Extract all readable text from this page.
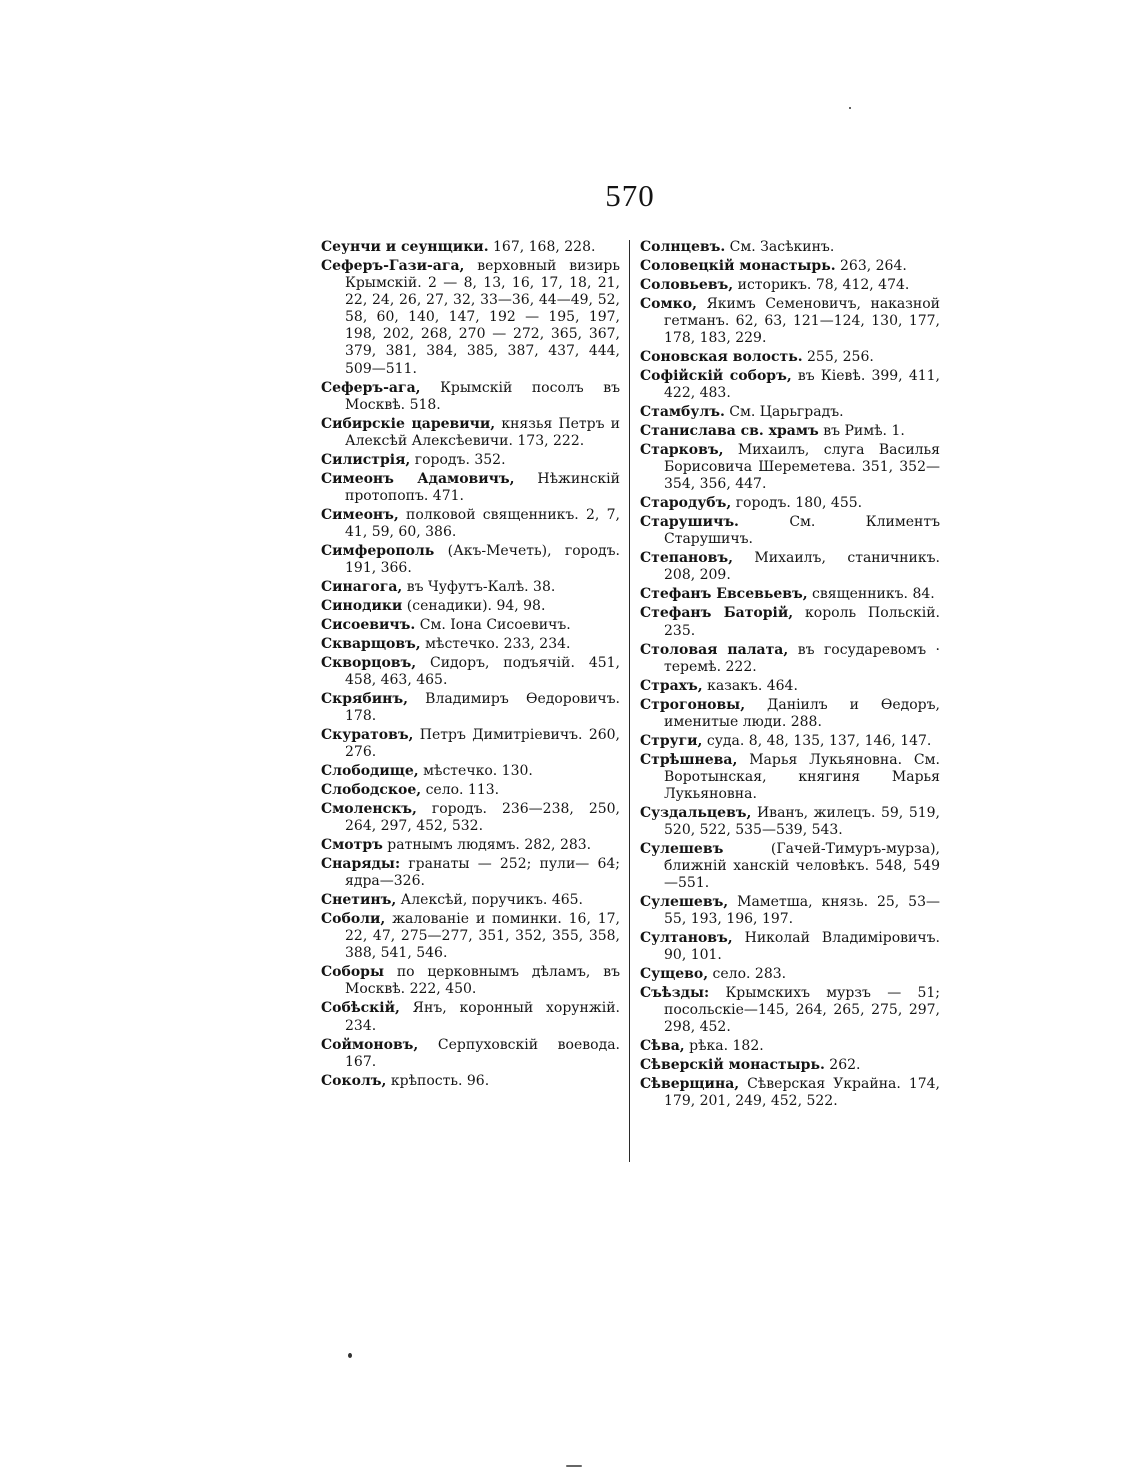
570
Сеунчи и сеунщики. 167, 168, 228.
Сеферъ-Гази-ага, верховный визирь Крымскiй. 2 — 8, 13, 16, 17, 18, 21, 22, 24, 26, 27, 32, 33—36, 44—49, 52, 58, 60, 140, 147, 192 — 195, 197, 198, 202, 268, 270 — 272, 365, 367, 379, 381, 384, 385, 387, 437, 444, 509—511.
Сеферъ-ага, Крымскiй посолъ въ Москвѣ. 518.
Сибирскiе царевичи, князья Петръ и Алексѣй Алексѣевичи. 173, 222.
Силистрiя, городъ. 352.
Симеонъ Адамовичъ, Нѣжинскiй протопопъ. 471.
Симеонъ, полковой священникъ. 2, 7, 41, 59, 60, 386.
Симферополь (Акъ-Мечеть), городъ. 191, 366.
Синагога, въ Чуфутъ-Калѣ. 38.
Синодики (сенадики). 94, 98.
Сисоевичъ. См. Iона Сисоевичъ.
Скварщовъ, мѣстечко. 233, 234.
Скворцовъ, Сидоръ, подъячiй. 451, 458, 463, 465.
Скрябинъ, Владимиръ Өедоровичъ. 178.
Скуратовъ, Петръ Димитрiевичъ. 260, 276.
Слободище, мѣстечко. 130.
Слободское, село. 113.
Смоленскъ, городъ. 236—238, 250, 264, 297, 452, 532.
Смотръ ратнымъ людямъ. 282, 283.
Снаряды: гранаты — 252; пули— 64; ядра—326.
Снетинъ, Алексѣй, поручикъ. 465.
Соболи, жалованiе и поминки. 16, 17, 22, 47, 275—277, 351, 352, 355, 358, 388, 541, 546.
Соборы по церковнымъ дѣламъ, въ Москвѣ. 222, 450.
Собѣскiй, Янъ, коронный хорунжiй. 234.
Соймоновъ, Серпуховскiй воевода. 167.
Соколъ, крѣпость. 96.
Солнцевъ. См. Засѣкинъ.
Соловецкiй монастырь. 263, 264.
Соловьевъ, историкъ. 78, 412, 474.
Сомко, Якимъ Семеновичъ, наказной гетманъ. 62, 63, 121—124, 130, 177, 178, 183, 229.
Соновская волость. 255, 256.
Софiйскiй соборъ, въ Кiевѣ. 399, 411, 422, 483.
Стамбулъ. См. Царьградъ.
Станислава св. храмъ въ Римѣ. 1.
Старковъ, Михаилъ, слуга Василья Борисовича Шереметева. 351, 352—354, 356, 447.
Стародубъ, городъ. 180, 455.
Старушичъ. См. Климентъ Старушичъ.
Степановъ, Михаилъ, станичникъ. 208, 209.
Стефанъ Евсевьевъ, священникъ. 84.
Стефанъ Баторiй, король Польскiй. 235.
Столовая палата, въ государевомъ · теремѣ. 222.
Страхъ, казакъ. 464.
Строгоновы, Данiилъ и Өедоръ, именитые люди. 288.
Струги, суда. 8, 48, 135, 137, 146, 147.
Стрѣшнева, Марья Лукьяновна. См. Воротынская, княгиня Марья Лукьяновна.
Суздальцевъ, Иванъ, жилецъ. 59, 519, 520, 522, 535—539, 543.
Сулешевъ (Гачей-Тимуръ-мурза), ближнiй ханскiй человѣкъ. 548, 549—551.
Сулешевъ, Маметша, князь. 25, 53—55, 193, 196, 197.
Султановъ, Николай Владимiровичъ. 90, 101.
Сущево, село. 283.
Съѣзды: Крымскихъ мурзъ — 51; посольскiе—145, 264, 265, 275, 297, 298, 452.
Сѣва, рѣка. 182.
Сѣверскiй монастырь. 262.
Сѣверщина, Сѣверская Украйна. 174, 179, 201, 249, 452, 522.
